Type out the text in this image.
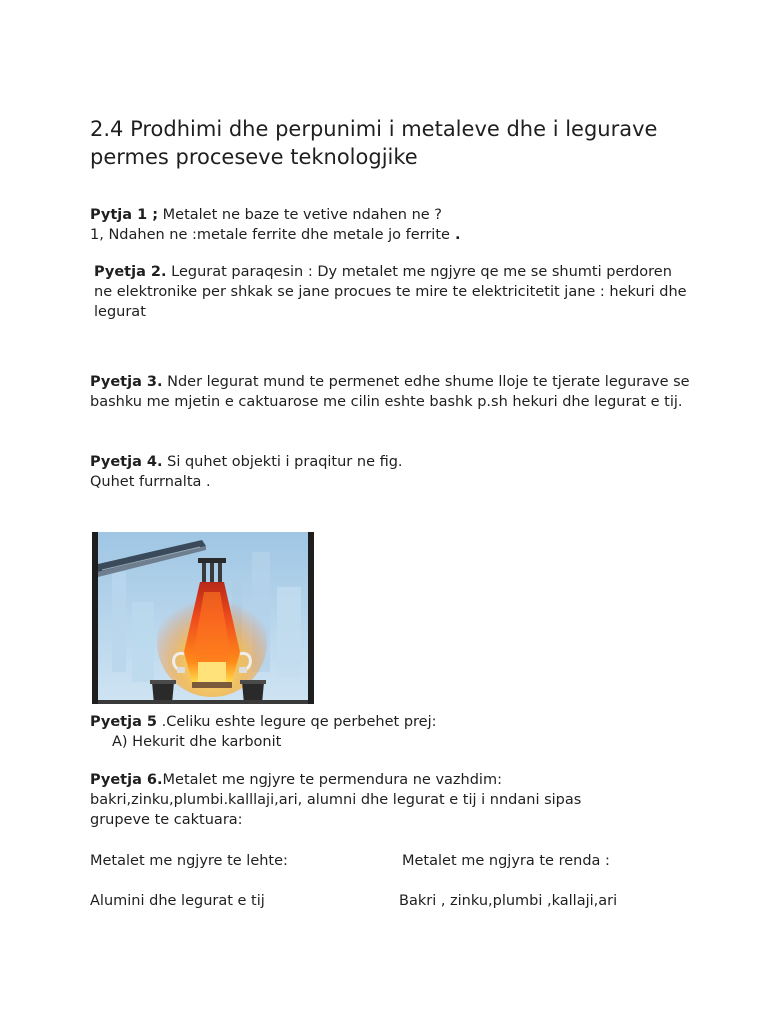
2.4 Prodhimi dhe perpunimi i metaleve dhe i legurave permes proceseve teknologjike

Pytja 1 ; Metalet ne baze te vetive ndahen ne ?

1, Ndahen ne :metale ferrite dhe metale jo ferrite .

Pyetja 2. Legurat paraqesin : Dy metalet me ngjyre qe me se shumti perdoren ne elektronike per shkak se jane procues te mire te elektricitetit jane : hekuri dhe legurat

Pyetja 3. Nder legurat mund te permenet edhe shume lloje te tjerate legurave se bashku me mjetin e caktuarose me cilin eshte bashk p.sh hekuri dhe legurat e tij.

Pyetja 4. Si quhet objekti i praqitur ne fig.

Quhet furrnalta .

Pyetja 5 .Celiku eshte legure qe perbehet prej:

A) Hekurit dhe karbonit

Pyetja 6.Metalet me ngjyre te permendura ne vazhdim: bakri,zinku,plumbi.kalllaji,ari, alumni dhe legurat e tij i nndani sipas grupeve te caktuara:

Metalet me ngjyre te lehte:	Metalet me ngjyra te renda :
Alumini dhe legurat e tij	Bakri , zinku,plumbi ,kallaji,ari
